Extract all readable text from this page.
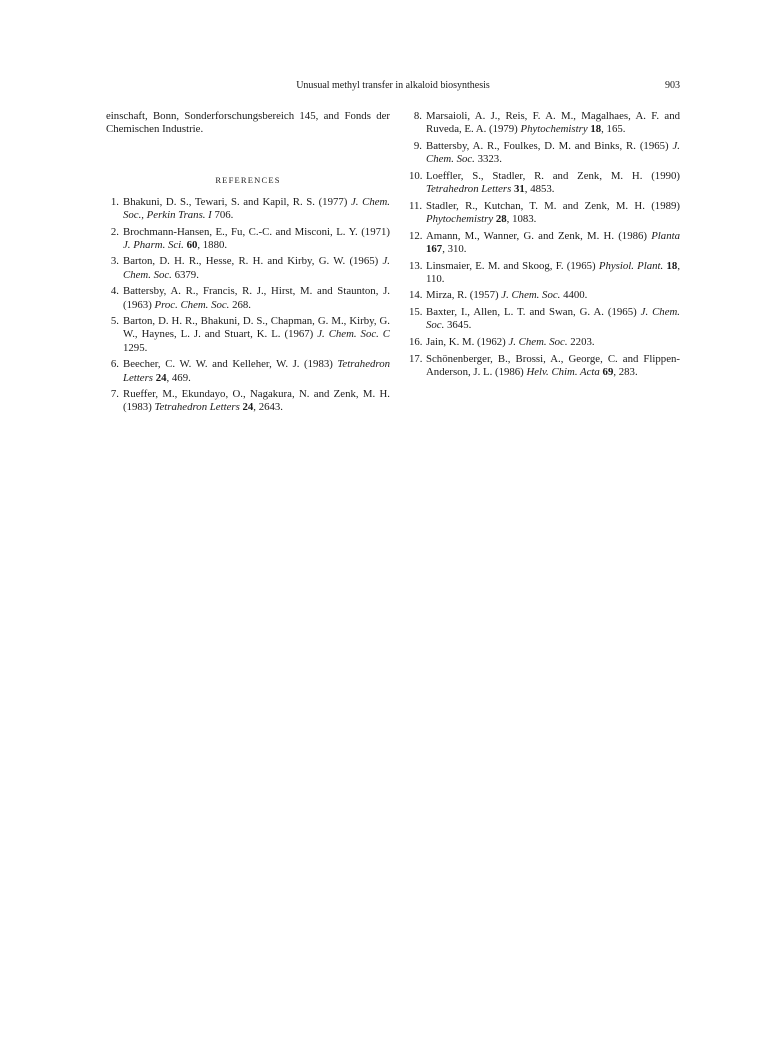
Unusual methyl transfer in alkaloid biosynthesis	903

einschaft, Bonn, Sonderforschungsbereich 145, and Fonds der Chemischen Industrie.

REFERENCES
1. Bhakuni, D. S., Tewari, S. and Kapil, R. S. (1977) J. Chem. Soc., Perkin Trans. I 706.
2. Brochmann-Hansen, E., Fu, C.-C. and Misconi, L. Y. (1971) J. Pharm. Sci. 60, 1880.
3. Barton, D. H. R., Hesse, R. H. and Kirby, G. W. (1965) J. Chem. Soc. 6379.
4. Battersby, A. R., Francis, R. J., Hirst, M. and Staunton, J. (1963) Proc. Chem. Soc. 268.
5. Barton, D. H. R., Bhakuni, D. S., Chapman, G. M., Kirby, G. W., Haynes, L. J. and Stuart, K. L. (1967) J. Chem. Soc. C 1295.
6. Beecher, C. W. W. and Kelleher, W. J. (1983) Tetrahedron Letters 24, 469.
7. Rueffer, M., Ekundayo, O., Nagakura, N. and Zenk, M. H. (1983) Tetrahedron Letters 24, 2643.
8. Marsaioli, A. J., Reis, F. A. M., Magalhaes, A. F. and Ruveda, E. A. (1979) Phytochemistry 18, 165.
9. Battersby, A. R., Foulkes, D. M. and Binks, R. (1965) J. Chem. Soc. 3323.
10. Loeffler, S., Stadler, R. and Zenk, M. H. (1990) Tetrahedron Letters 31, 4853.
11. Stadler, R., Kutchan, T. M. and Zenk, M. H. (1989) Phytochemistry 28, 1083.
12. Amann, M., Wanner, G. and Zenk, M. H. (1986) Planta 167, 310.
13. Linsmaier, E. M. and Skoog, F. (1965) Physiol. Plant. 18, 110.
14. Mirza, R. (1957) J. Chem. Soc. 4400.
15. Baxter, I., Allen, L. T. and Swan, G. A. (1965) J. Chem. Soc. 3645.
16. Jain, K. M. (1962) J. Chem. Soc. 2203.
17. Schönenberger, B., Brossi, A., George, C. and Flippen-Anderson, J. L. (1986) Helv. Chim. Acta 69, 283.
